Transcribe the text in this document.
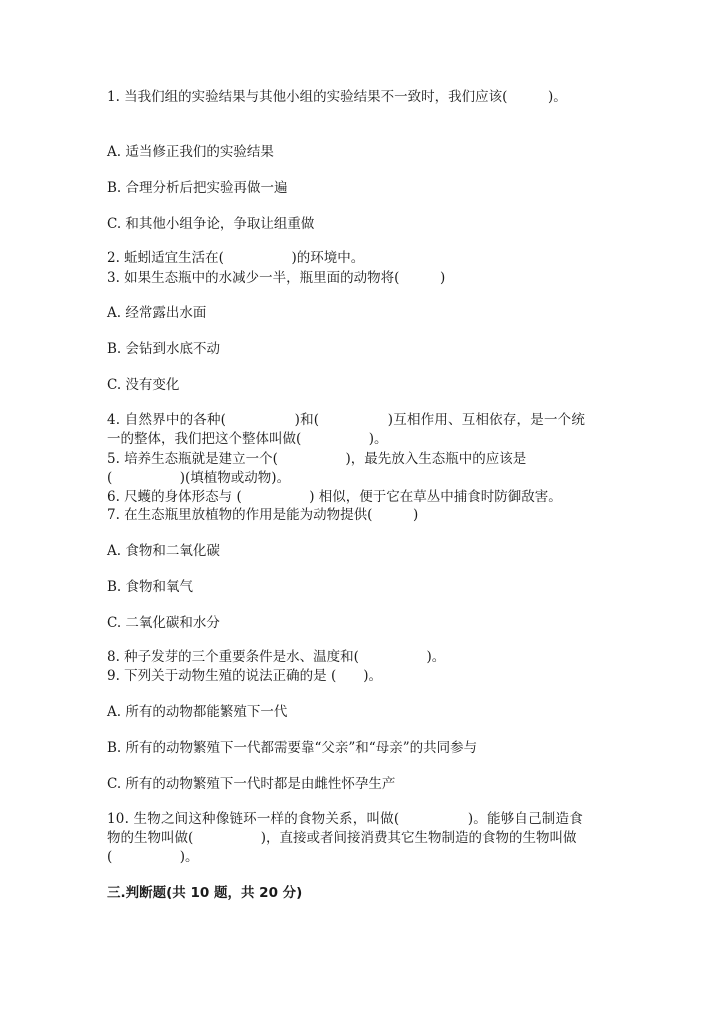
1. 当我们组的实验结果与其他小组的实验结果不一致时，我们应该(　　　)。
A. 适当修正我们的实验结果
B. 合理分析后把实验再做一遍
C. 和其他小组争论，争取让组重做
2. 蚯蚓适宜生活在(　　　　　)的环境中。
3. 如果生态瓶中的水减少一半，瓶里面的动物将(　　　)
A. 经常露出水面
B. 会钻到水底不动
C. 没有变化
4. 自然界中的各种(　　　　　)和(　　　　　)互相作用、互相依存，是一个统
一的整体，我们把这个整体叫做(　　　　　)。
5. 培养生态瓶就是建立一个(　　　　　)，最先放入生态瓶中的应该是
(　　　　　)(填植物或动物)。
6. 尺蠖的身体形态与 (　　　　　) 相似，便于它在草丛中捕食时防御敌害。
7. 在生态瓶里放植物的作用是能为动物提供(　　　)
A. 食物和二氧化碳
B. 食物和氧气
C. 二氧化碳和水分
8. 种子发芽的三个重要条件是水、温度和(　　　　　)。
9. 下列关于动物生殖的说法正确的是 (　　)。
A. 所有的动物都能繁殖下一代
B. 所有的动物繁殖下一代都需要靠“父亲”和“母亲”的共同参与
C. 所有的动物繁殖下一代时都是由雌性怀孕生产
10. 生物之间这种像链环一样的食物关系，叫做(　　　　　)。能够自己制造食
物的生物叫做(　　　　　)，直接或者间接消费其它生物制造的食物的生物叫做
(　　　　　)。
三.判断题(共 10 题，共 20 分)
